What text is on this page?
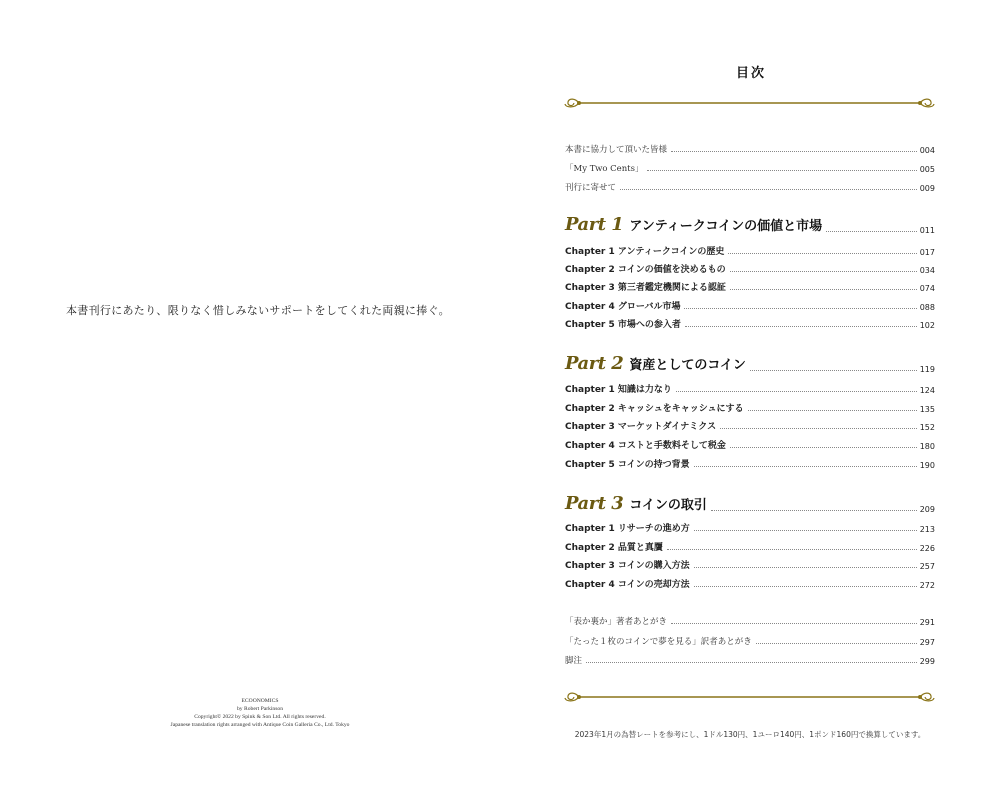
本書刊行にあたり、限りなく惜しみないサポートをしてくれた両親に捧ぐ。
ECOONOMICS
by Robert Parkinson
Copyright© 2022 by Spink & Son Ltd. All rights reserved.
Japanese translation rights arranged with Antique Coin Galleria Co., Ltd. Tokyo
目次
本書に協力して頂いた皆様	004
「My Two Cents」	005
刊行に寄せて	009
Part 1 アンティークコインの価値と市場	011
Chapter 1 アンティークコインの歴史	017
Chapter 2 コインの価値を決めるもの	034
Chapter 3 第三者鑑定機関による認証	074
Chapter 4 グローバル市場	088
Chapter 5 市場への参入者	102
Part 2 資産としてのコイン	119
Chapter 1 知識は力なり	124
Chapter 2 キャッシュをキャッシュにする	135
Chapter 3 マーケットダイナミクス	152
Chapter 4 コストと手数料そして税金	180
Chapter 5 コインの持つ背景	190
Part 3 コインの取引	209
Chapter 1 リサーチの進め方	213
Chapter 2 品質と真贋	226
Chapter 3 コインの購入方法	257
Chapter 4 コインの売却方法	272
「表か裏か」著者あとがき	291
「たった１枚のコインで夢を見る」訳者あとがき	297
脚注	299
2023年1月の為替レートを参考にし、1ドル130円、1ユーロ140円、1ポンド160円で換算しています。
